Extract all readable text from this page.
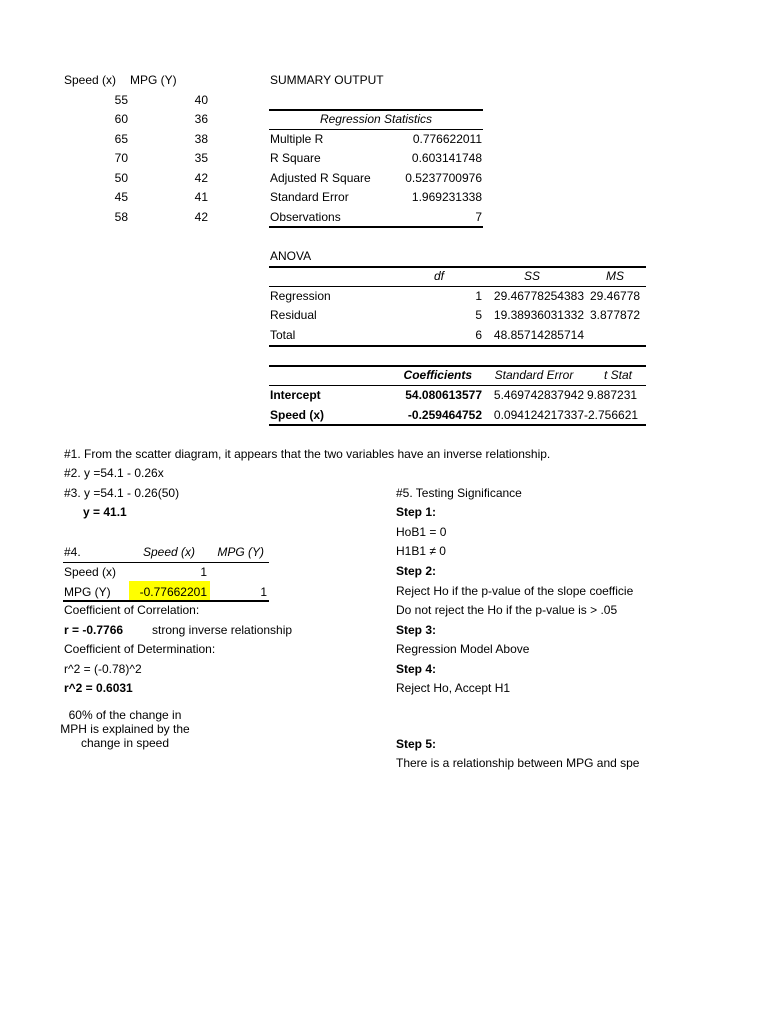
Speed (x) MPG (Y)
55	40
60	36
65	38
70	35
50	42
45	41
58	42
SUMMARY OUTPUT
Regression Statistics
Multiple R	0.776622011
R Square	0.603141748
Adjusted R Square	0.5237700976
Standard Error	1.969231338
Observations	7
ANOVA
df	SS	MS
Regression	1 29.46778254383 29.46778
Residual	5 19.38936031332 3.877872
Total	6 48.85714285714
Coefficients	Standard Error	t Stat
Intercept	54.080613577 5.469742837942 9.887231
Speed (x)	-0.259464752 0.094124217337 -2.756621
#1. From the scatter diagram, it appears that the two variables have an inverse relationship.
#2. y =54.1 - 0.26x
#3. y =54.1 - 0.26(50)
y = 41.1
#4.	Speed (x)	MPG (Y)
Speed (x)	1
MPG (Y)	-0.77662201	1
Coefficient of Correlation:
r = -0.7766 strong inverse relationship
Coefficient of Determination:
r^2 = (-0.78)^2
r^2 = 0.6031
60% of the change in
MPH is explained by the
change in speed
#5. Testing Significance
Step 1:
HoB1 = 0
H1B1 ≠ 0
Step 2:
Reject Ho if the p-value of the slope coefficie
Do not reject the Ho if the p-value is > .05
Step 3:
Regression Model Above
Step 4:
Reject Ho, Accept H1
Step 5:
There is a relationship between MPG and spe
